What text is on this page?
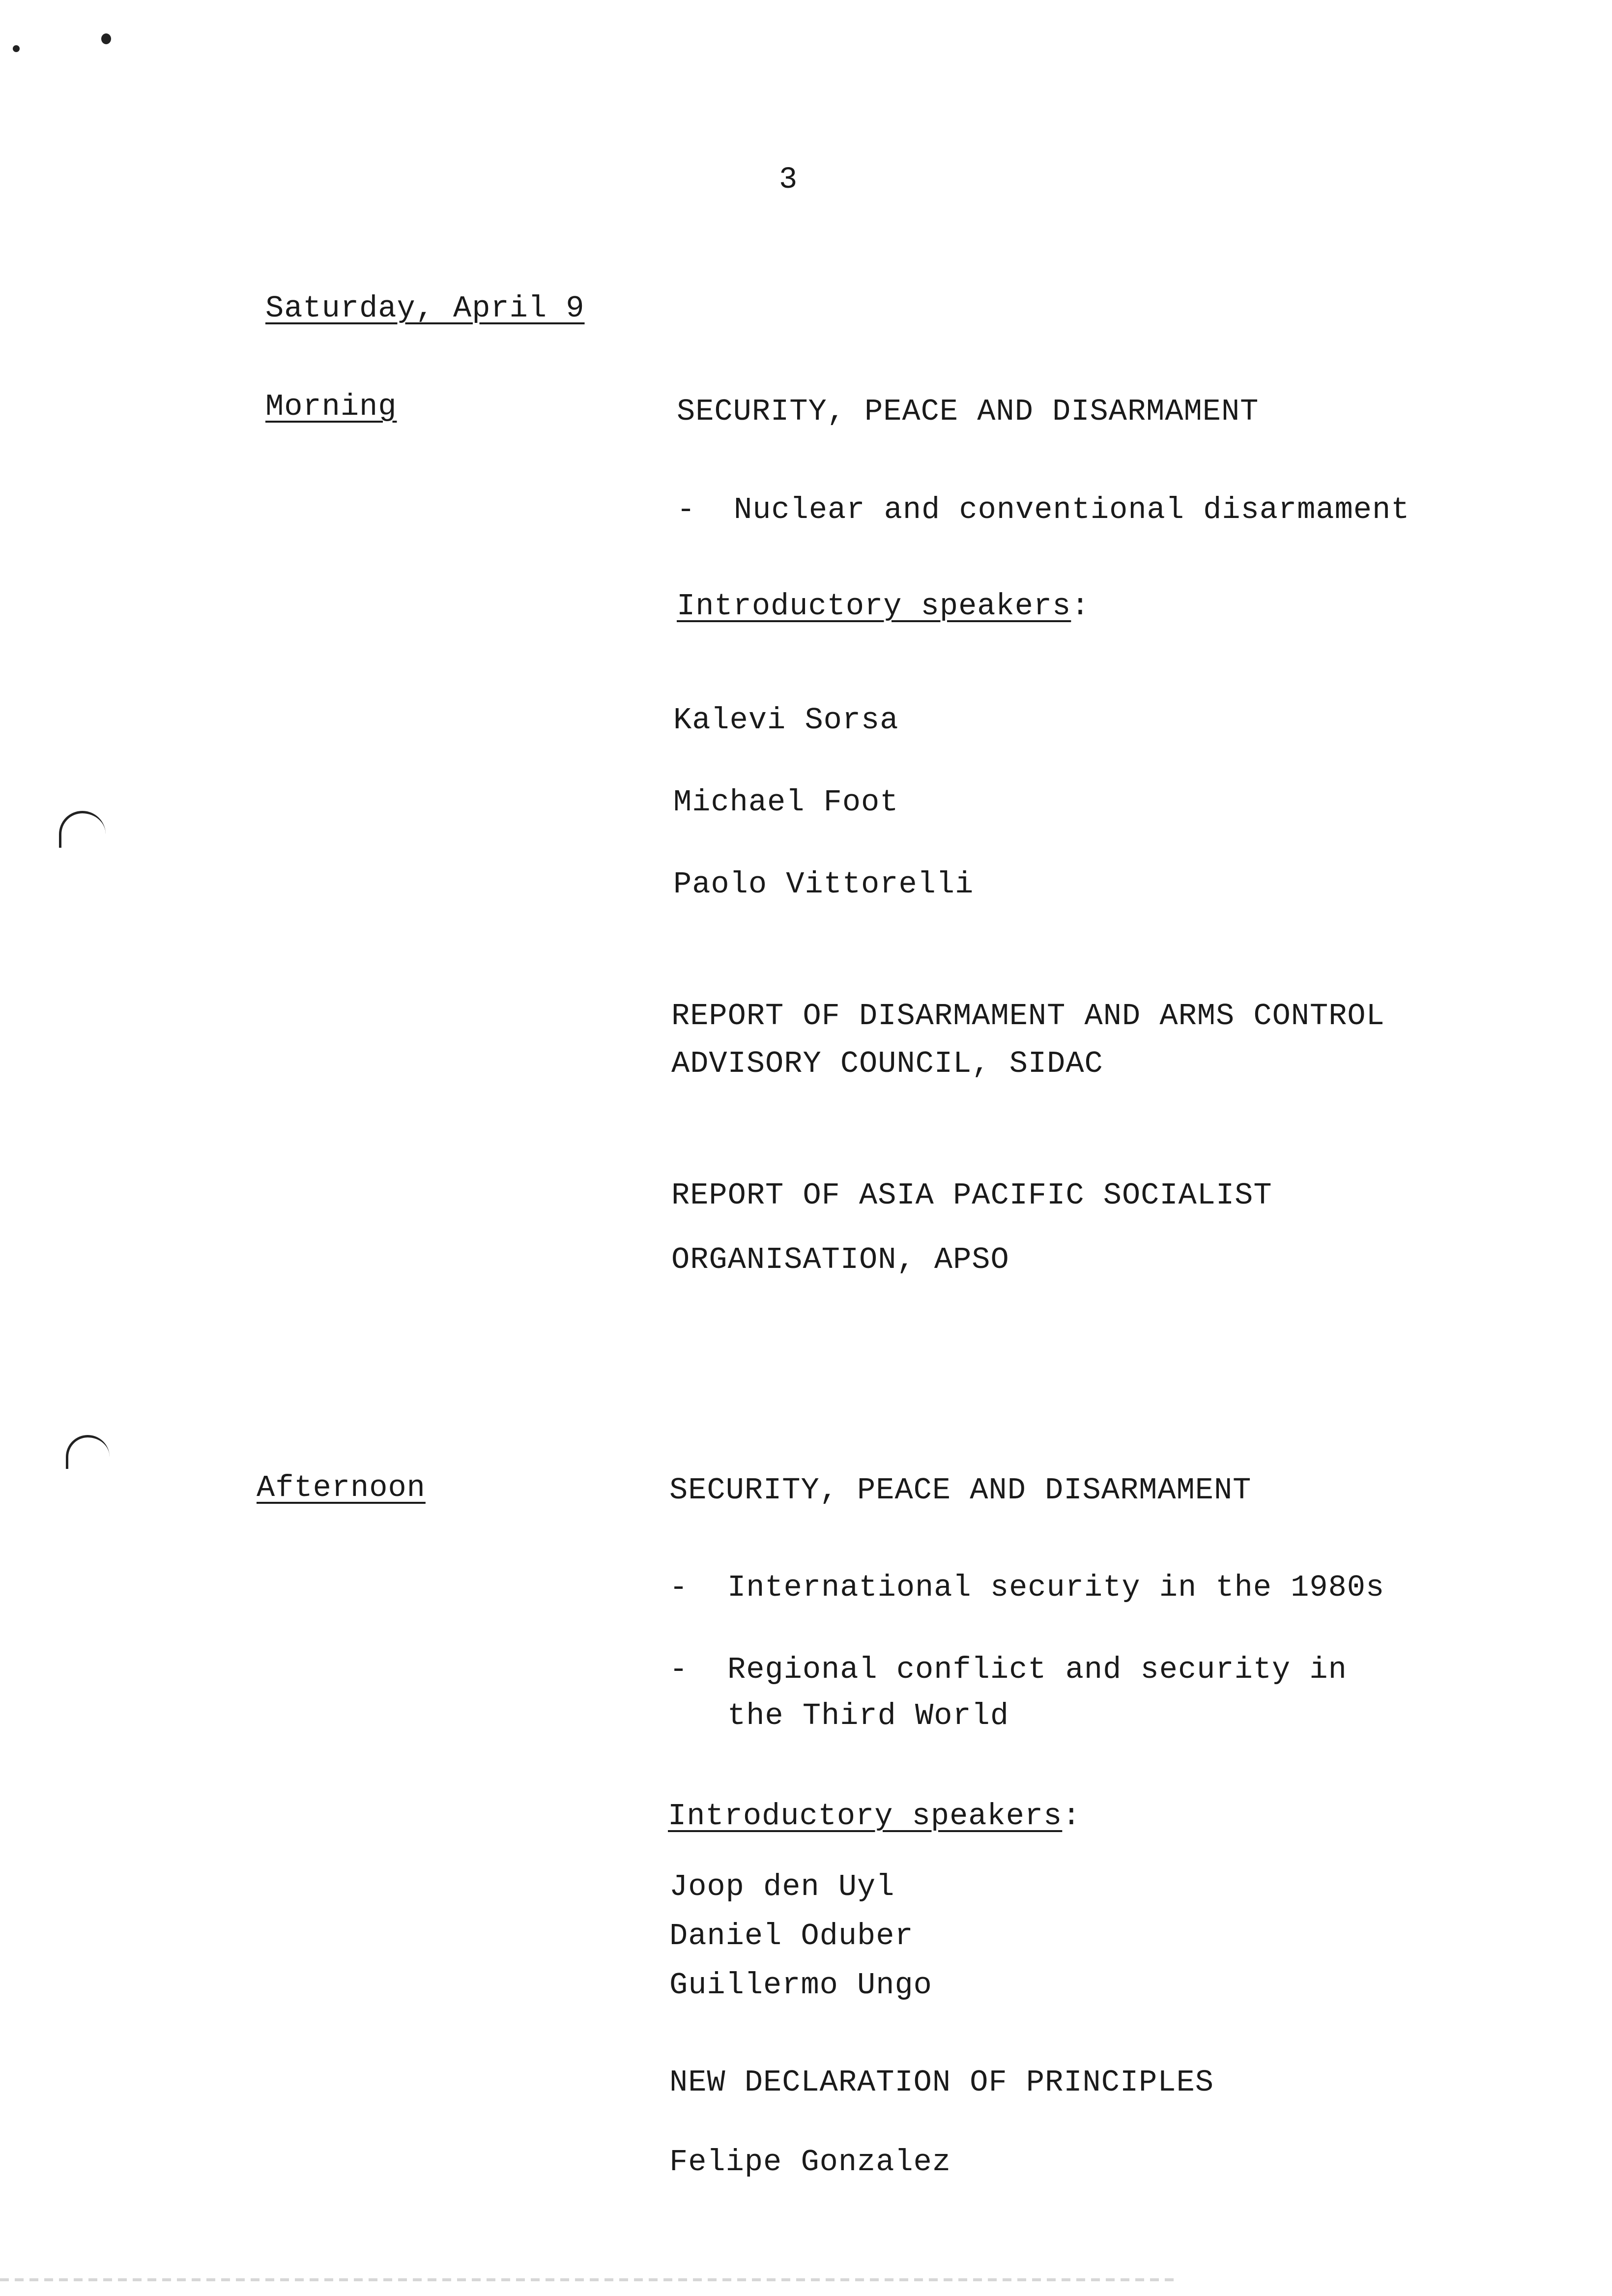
3
Saturday, April 9
Morning	SECURITY, PEACE AND DISARMAMENT
- Nuclear and conventional disarmament
Introductory speakers:
Kalevi Sorsa
Michael Foot
Paolo Vittorelli
REPORT OF DISARMAMENT AND ARMS CONTROL
ADVISORY COUNCIL, SIDAC
REPORT OF ASIA PACIFIC SOCIALIST
ORGANISATION, APSO
Afternoon	SECURITY, PEACE AND DISARMAMENT
- International security in the 1980s
- Regional conflict and security in
the Third World
Introductory speakers:
Joop den Uyl
Daniel Oduber
Guillermo Ungo
NEW DECLARATION OF PRINCIPLES
Felipe Gonzalez
